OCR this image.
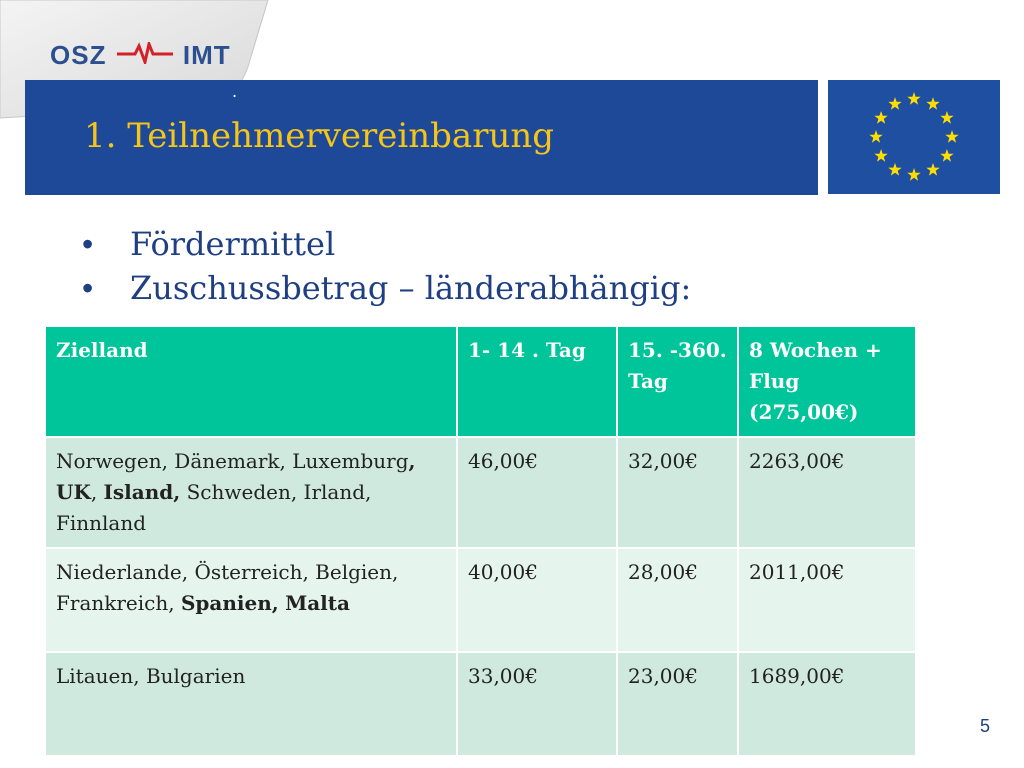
OSZ	IMT
.
1. Teilnehmervereinbarung
•	Fördermittel
•	Zuschussbetrag – länderabhängig:
Zielland	1- 14 . Tag	15. -360. Tag	8 Wochen + Flug (275,00€)
Norwegen, Dänemark, Luxemburg, UK, Island, Schweden, Irland, Finnland	46,00€	32,00€	2263,00€
Niederlande, Österreich, Belgien, Frankreich, Spanien, Malta	40,00€	28,00€	2011,00€
Litauen, Bulgarien	33,00€	23,00€	1689,00€
5
